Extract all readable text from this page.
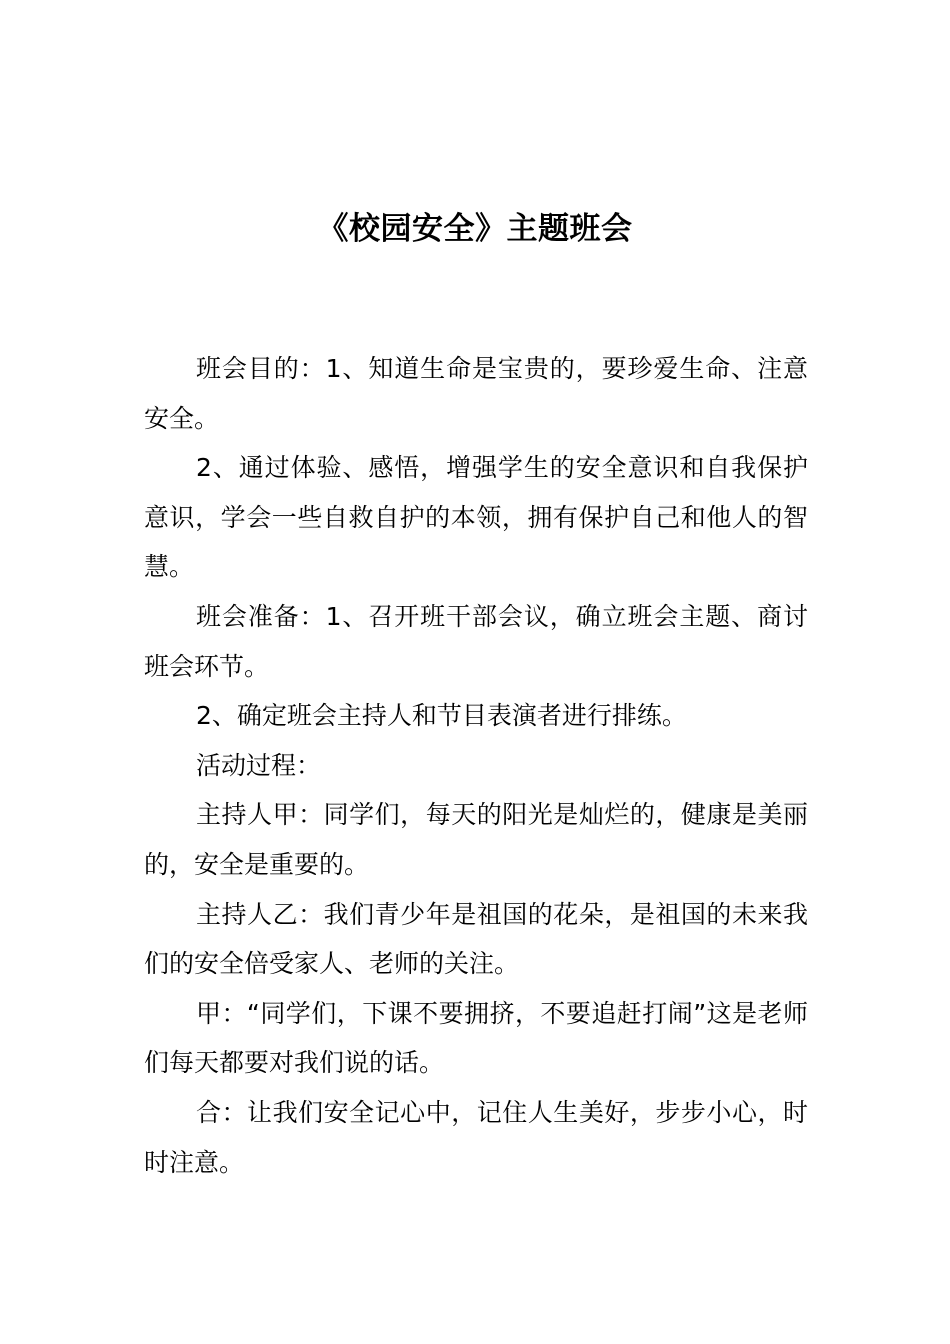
《校园安全》主题班会

班会目的：1、知道生命是宝贵的，要珍爱生命、注意安全。

2、通过体验、感悟，增强学生的安全意识和自我保护意识，学会一些自救自护的本领，拥有保护自己和他人的智慧。

班会准备：1、召开班干部会议，确立班会主题、商讨班会环节。

2、确定班会主持人和节目表演者进行排练。

活动过程：

主持人甲：同学们，每天的阳光是灿烂的，健康是美丽的，安全是重要的。

主持人乙：我们青少年是祖国的花朵，是祖国的未来我们的安全倍受家人、老师的关注。

甲：“同学们，下课不要拥挤，不要追赶打闹”这是老师们每天都要对我们说的话。

合：让我们安全记心中，记住人生美好，步步小心，时时注意。
